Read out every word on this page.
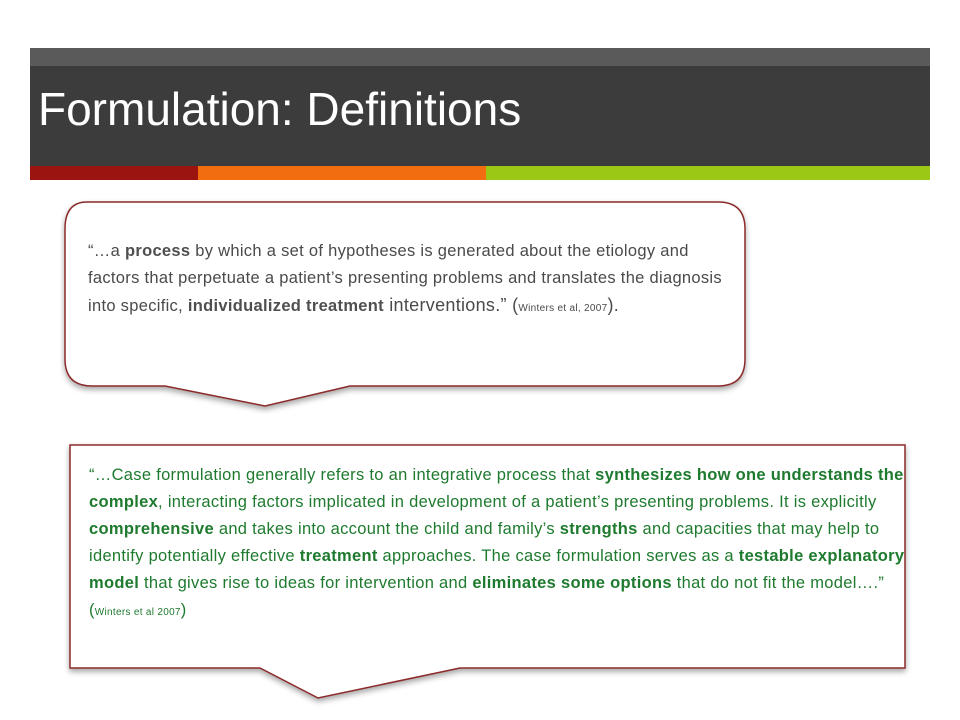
Formulation: Definitions

“…a process by which a set of hypotheses is generated about the etiology and factors that perpetuate a patient’s presenting problems and translates the diagnosis into specific, individualized treatment interventions.” (Winters et al, 2007).

“…Case formulation generally refers to an integrative process that synthesizes how one understands the complex, interacting factors implicated in development of a patient’s presenting problems. It is explicitly comprehensive and takes into account the child and family’s strengths and capacities that may help to identify potentially effective treatment approaches. The case formulation serves as a testable explanatory model that gives rise to ideas for intervention and eliminates some options that do not fit the model….” (Winters et al 2007)
